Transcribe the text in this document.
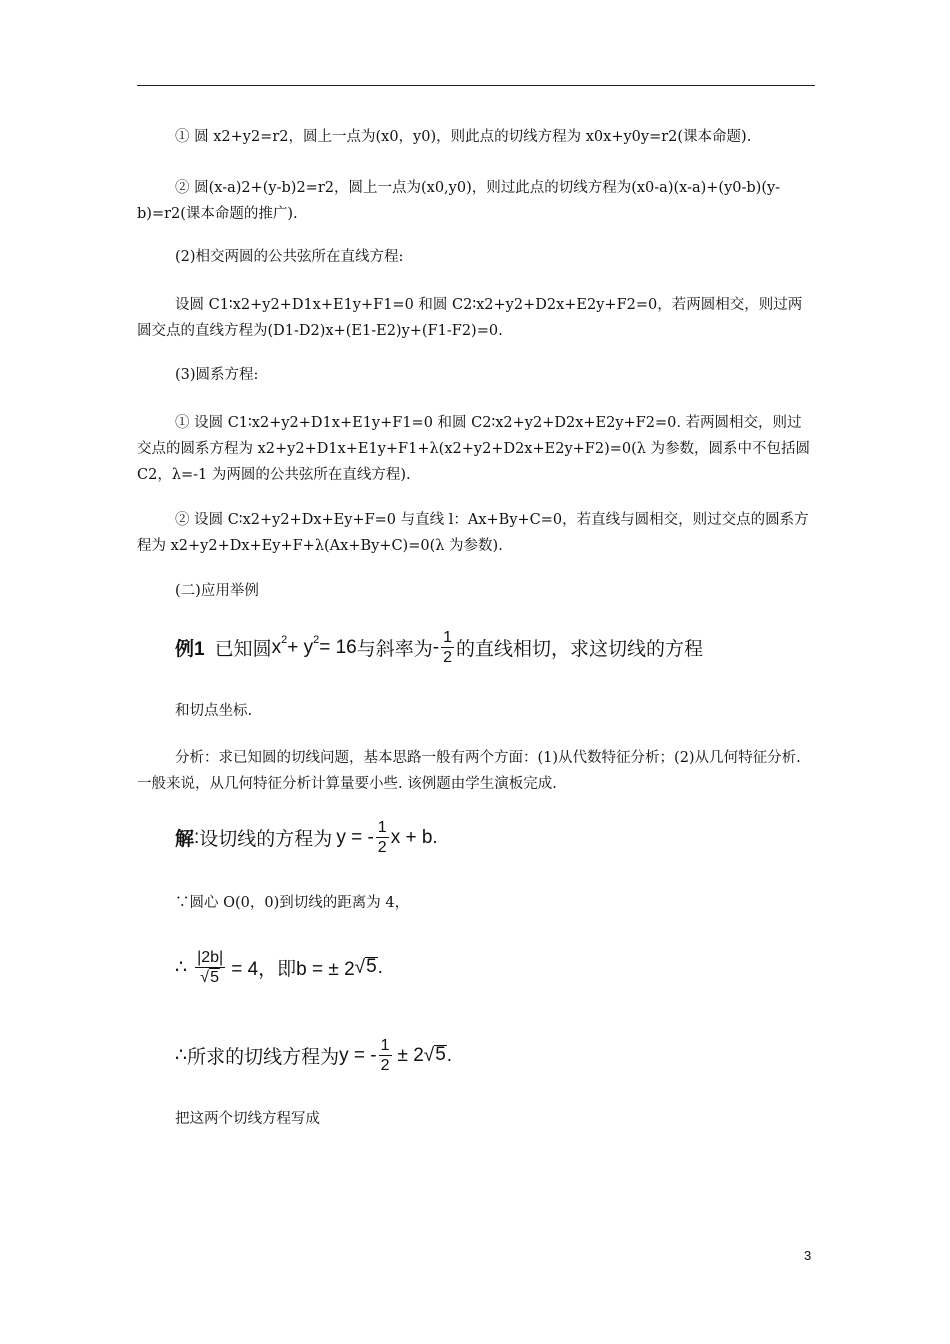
① 圆 x2+y2=r2，圆上一点为(x0，y0)，则此点的切线方程为 x0x+y0y=r2(课本命题).

② 圆(x-a)2+(y-b)2=r2，圆上一点为(x0,y0)，则过此点的切线方程为(x0-a)(x-a)+(y0-b)(y-b)=r2(课本命题的推广).

(2)相交两圆的公共弦所在直线方程:

设圆 C1∶x2+y2+D1x+E1y+F1=0 和圆 C2∶x2+y2+D2x+E2y+F2=0，若两圆相交，则过两圆交点的直线方程为(D1-D2)x+(E1-E2)y+(F1-F2)=0.

(3)圆系方程:

① 设圆 C1∶x2+y2+D1x+E1y+F1=0 和圆 C2∶x2+y2+D2x+E2y+F2=0. 若两圆相交，则过交点的圆系方程为 x2+y2+D1x+E1y+F1+λ(x2+y2+D2x+E2y+F2)=0(λ 为参数，圆系中不包括圆 C2，λ=-1 为两圆的公共弦所在直线方程).

② 设圆 C∶x2+y2+Dx+Ey+F=0 与直线 l：Ax+By+C=0，若直线与圆相交，则过交点的圆系方程为 x2+y2+Dx+Ey+F+λ(Ax+By+C)=0(λ 为参数).

(二)应用举例

例1 已知圆 x 2 + y 2 = 16 与斜率为 - $\frac{1}{2}$ 的直线相切，求这切线的方程

和切点坐标.

分析：求已知圆的切线问题，基本思路一般有两个方面：(1)从代数特征分析；(2)从几何特征分析. 一般来说，从几何特征分析计算量要小些. 该例题由学生演板完成.

解 : 设切线的方程为 y = - $\frac{1}{2}$ x + b.

∵圆心 O(0，0)到切线的距离为 4，

∴ $\frac{|2b|}{√ 5} = 4$， 即b = ± 2 √ 5 .
∴ 所求的切线方程为 y = - $\frac{1}{2} \pm 2$ √ 5 .

把这两个切线方程写成

3
